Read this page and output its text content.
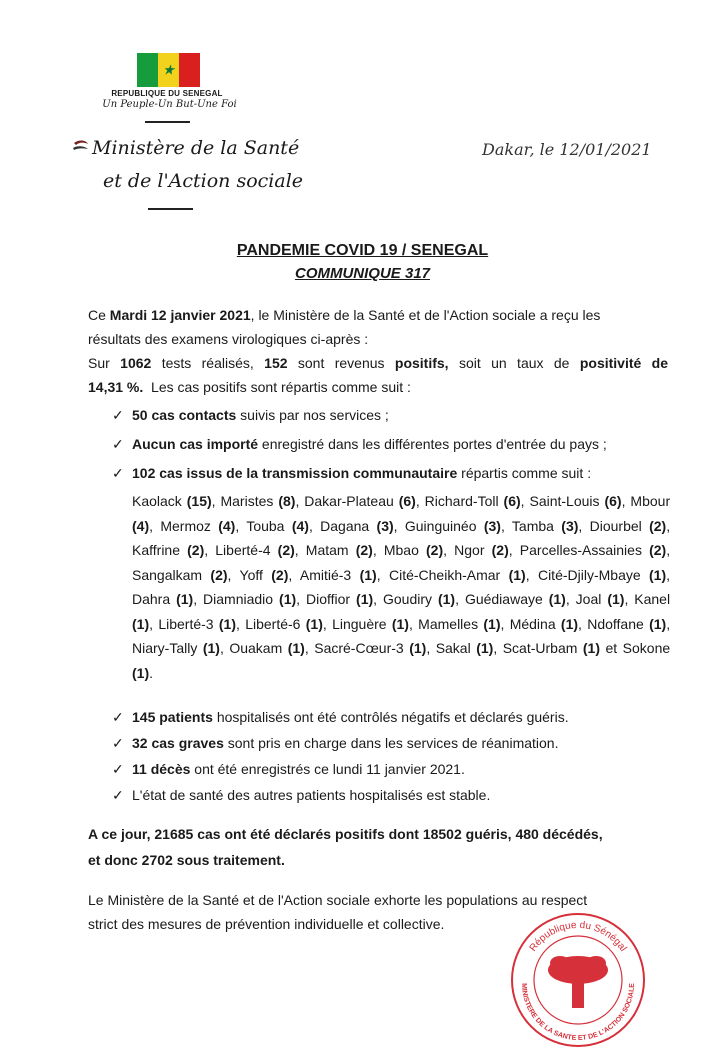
★
REPUBLIQUE DU SENEGAL
Un Peuple-Un But-Une Foi
Ministère de la Santé
et de l'Action sociale
Dakar, le 12/01/2021
PANDEMIE COVID 19 / SENEGAL
COMMUNIQUE 317
Ce Mardi 12 janvier 2021, le Ministère de la Santé et de l'Action sociale a reçu les
résultats des examens virologiques ci-après :
Sur 1062 tests réalisés, 152 sont revenus positifs, soit un taux de positivité de
14,31 %.  Les cas positifs sont répartis comme suit :
✓ 50 cas contacts suivis par nos services ;
✓ Aucun cas importé enregistré dans les différentes portes d'entrée du pays ;
✓ 102 cas issus de la transmission communautaire répartis comme suit :
Kaolack (15), Maristes (8), Dakar-Plateau (6), Richard-Toll (6), Saint-Louis (6), Mbour (4), Mermoz (4), Touba (4), Dagana (3), Guinguinéo (3), Tamba (3), Diourbel (2), Kaffrine (2), Liberté-4 (2), Matam (2), Mbao (2), Ngor (2), Parcelles-Assainies (2), Sangalkam (2), Yoff (2), Amitié-3 (1), Cité-Cheikh-Amar (1), Cité-Djily-Mbaye (1), Dahra (1), Diamniadio (1), Dioffior (1), Goudiry (1), Guédiawaye (1), Joal (1), Kanel (1), Liberté-3 (1), Liberté-6 (1), Linguère (1), Mamelles (1), Médina (1), Ndoffane (1), Niary-Tally (1), Ouakam (1), Sacré-Cœur-3 (1), Sakal (1), Scat-Urbam (1) et Sokone (1).
✓ 145 patients hospitalisés ont été contrôlés négatifs et déclarés guéris.
✓ 32 cas graves sont pris en charge dans les services de réanimation.
✓ 11 décès ont été enregistrés ce lundi 11 janvier 2021.
✓ L'état de santé des autres patients hospitalisés est stable.
A ce jour, 21685 cas ont été déclarés positifs dont 18502 guéris, 480 décédés,
et donc 2702 sous traitement.
Le Ministère de la Santé et de l'Action sociale exhorte les populations au respect
strict des mesures de prévention individuelle et collective.
République du Sénégal
MINISTERE DE LA SANTE ET DE L'ACTION SOCIALE
